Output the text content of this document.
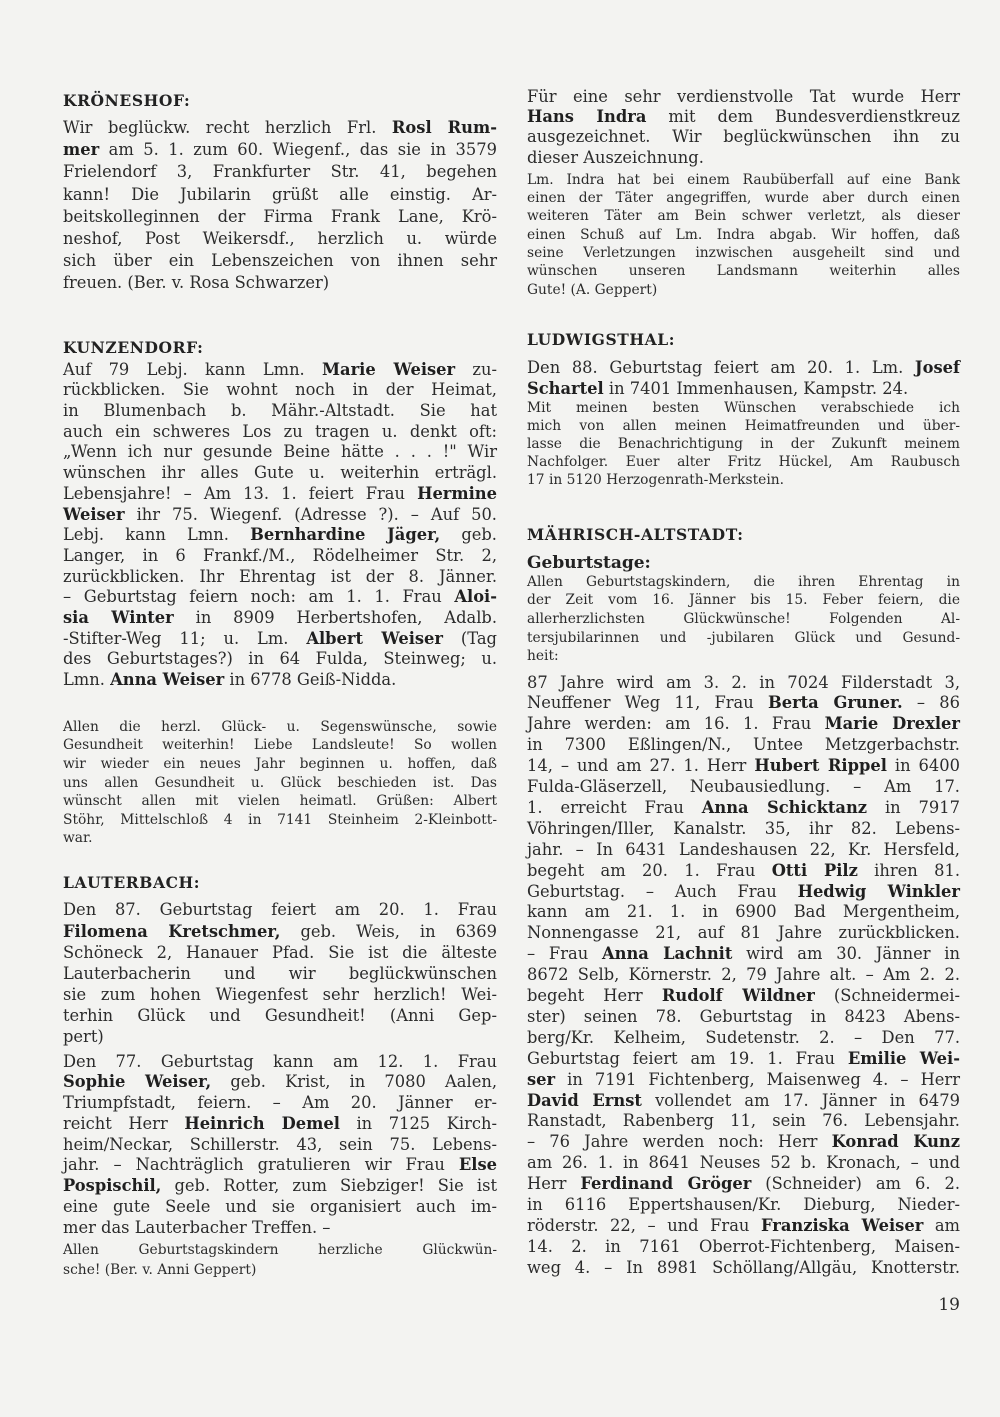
KRÖNESHOF:
Wir beglückw. recht herzlich Frl. Rosl Rum-
mer am 5. 1. zum 60. Wiegenf., das sie in 3579
Frielendorf 3, Frankfurter Str. 41, begehen
kann! Die Jubilarin grüßt alle einstig. Ar-
beitskolleginnen der Firma Frank Lane, Krö-
neshof, Post Weikersdf., herzlich u. würde
sich über ein Lebenszeichen von ihnen sehr
freuen. (Ber. v. Rosa Schwarzer)
KUNZENDORF:
Auf 79 Lebj. kann Lmn. Marie Weiser zu-
rückblicken. Sie wohnt noch in der Heimat,
in Blumenbach b. Mähr.-Altstadt. Sie hat
auch ein schweres Los zu tragen u. denkt oft:
„Wenn ich nur gesunde Beine hätte . . . !" Wir
wünschen ihr alles Gute u. weiterhin erträgl.
Lebensjahre! – Am 13. 1. feiert Frau Hermine
Weiser ihr 75. Wiegenf. (Adresse ?). – Auf 50.
Lebj. kann Lmn. Bernhardine Jäger, geb.
Langer, in 6 Frankf./M., Rödelheimer Str. 2,
zurückblicken. Ihr Ehrentag ist der 8. Jänner.
– Geburtstag feiern noch: am 1. 1. Frau Aloi-
sia Winter in 8909 Herbertshofen, Adalb.
-Stifter-Weg 11; u. Lm. Albert Weiser (Tag
des Geburtstages?) in 64 Fulda, Steinweg; u.
Lmn. Anna Weiser in 6778 Geiß-Nidda.
Allen die herzl. Glück- u. Segenswünsche, sowie
Gesundheit weiterhin! Liebe Landsleute! So wollen
wir wieder ein neues Jahr beginnen u. hoffen, daß
uns allen Gesundheit u. Glück beschieden ist. Das
wünscht allen mit vielen heimatl. Grüßen: Albert
Stöhr, Mittelschloß 4 in 7141 Steinheim 2-Kleinbott-
war.
LAUTERBACH:
Den 87. Geburtstag feiert am 20. 1. Frau
Filomena Kretschmer, geb. Weis, in 6369
Schöneck 2, Hanauer Pfad. Sie ist die älteste
Lauterbacherin und wir beglückwünschen
sie zum hohen Wiegenfest sehr herzlich! Wei-
terhin Glück und Gesundheit! (Anni Gep-
pert)
Den 77. Geburtstag kann am 12. 1. Frau
Sophie Weiser, geb. Krist, in 7080 Aalen,
Triumpfstadt, feiern. – Am 20. Jänner er-
reicht Herr Heinrich Demel in 7125 Kirch-
heim/Neckar, Schillerstr. 43, sein 75. Lebens-
jahr. – Nachträglich gratulieren wir Frau Else
Pospischil, geb. Rotter, zum Siebziger! Sie ist
eine gute Seele und sie organisiert auch im-
mer das Lauterbacher Treffen. –
Allen Geburtstagskindern herzliche Glückwün-
sche! (Ber. v. Anni Geppert)
Für eine sehr verdienstvolle Tat wurde Herr
Hans Indra mit dem Bundesverdienstkreuz
ausgezeichnet. Wir beglückwünschen ihn zu
dieser Auszeichnung.
Lm. Indra hat bei einem Raubüberfall auf eine Bank
einen der Täter angegriffen, wurde aber durch einen
weiteren Täter am Bein schwer verletzt, als dieser
einen Schuß auf Lm. Indra abgab. Wir hoffen, daß
seine Verletzungen inzwischen ausgeheilt sind und
wünschen unseren Landsmann weiterhin alles
Gute! (A. Geppert)
LUDWIGSTHAL:
Den 88. Geburtstag feiert am 20. 1. Lm. Josef
Schartel in 7401 Immenhausen, Kampstr. 24.
Mit meinen besten Wünschen verabschiede ich
mich von allen meinen Heimatfreunden und über-
lasse die Benachrichtigung in der Zukunft meinem
Nachfolger. Euer alter Fritz Hückel, Am Raubusch
17 in 5120 Herzogenrath-Merkstein.
MÄHRISCH-ALTSTADT:
Geburtstage:
Allen Geburtstagskindern, die ihren Ehrentag in
der Zeit vom 16. Jänner bis 15. Feber feiern, die
allerherzlichsten Glückwünsche! Folgenden Al-
tersjubilarinnen und -jubilaren Glück und Gesund-
heit:
87 Jahre wird am 3. 2. in 7024 Filderstadt 3,
Neuffener Weg 11, Frau Berta Gruner. – 86
Jahre werden: am 16. 1. Frau Marie Drexler
in 7300 Eßlingen/N., Untee Metzgerbachstr.
14, – und am 27. 1. Herr Hubert Rippel in 6400
Fulda-Gläserzell, Neubausiedlung. – Am 17.
1. erreicht Frau Anna Schicktanz in 7917
Vöhringen/Iller, Kanalstr. 35, ihr 82. Lebens-
jahr. – In 6431 Landeshausen 22, Kr. Hersfeld,
begeht am 20. 1. Frau Otti Pilz ihren 81.
Geburtstag. – Auch Frau Hedwig Winkler
kann am 21. 1. in 6900 Bad Mergentheim,
Nonnengasse 21, auf 81 Jahre zurückblicken.
– Frau Anna Lachnit wird am 30. Jänner in
8672 Selb, Körnerstr. 2, 79 Jahre alt. – Am 2. 2.
begeht Herr Rudolf Wildner (Schneidermei-
ster) seinen 78. Geburtstag in 8423 Abens-
berg/Kr. Kelheim, Sudetenstr. 2. – Den 77.
Geburtstag feiert am 19. 1. Frau Emilie Wei-
ser in 7191 Fichtenberg, Maisenweg 4. – Herr
David Ernst vollendet am 17. Jänner in 6479
Ranstadt, Rabenberg 11, sein 76. Lebensjahr.
– 76 Jahre werden noch: Herr Konrad Kunz
am 26. 1. in 8641 Neuses 52 b. Kronach, – und
Herr Ferdinand Gröger (Schneider) am 6. 2.
in 6116 Eppertshausen/Kr. Dieburg, Nieder-
röderstr. 22, – und Frau Franziska Weiser am
14. 2. in 7161 Oberrot-Fichtenberg, Maisen-
weg 4. – In 8981 Schöllang/Allgäu, Knotterstr.
19
